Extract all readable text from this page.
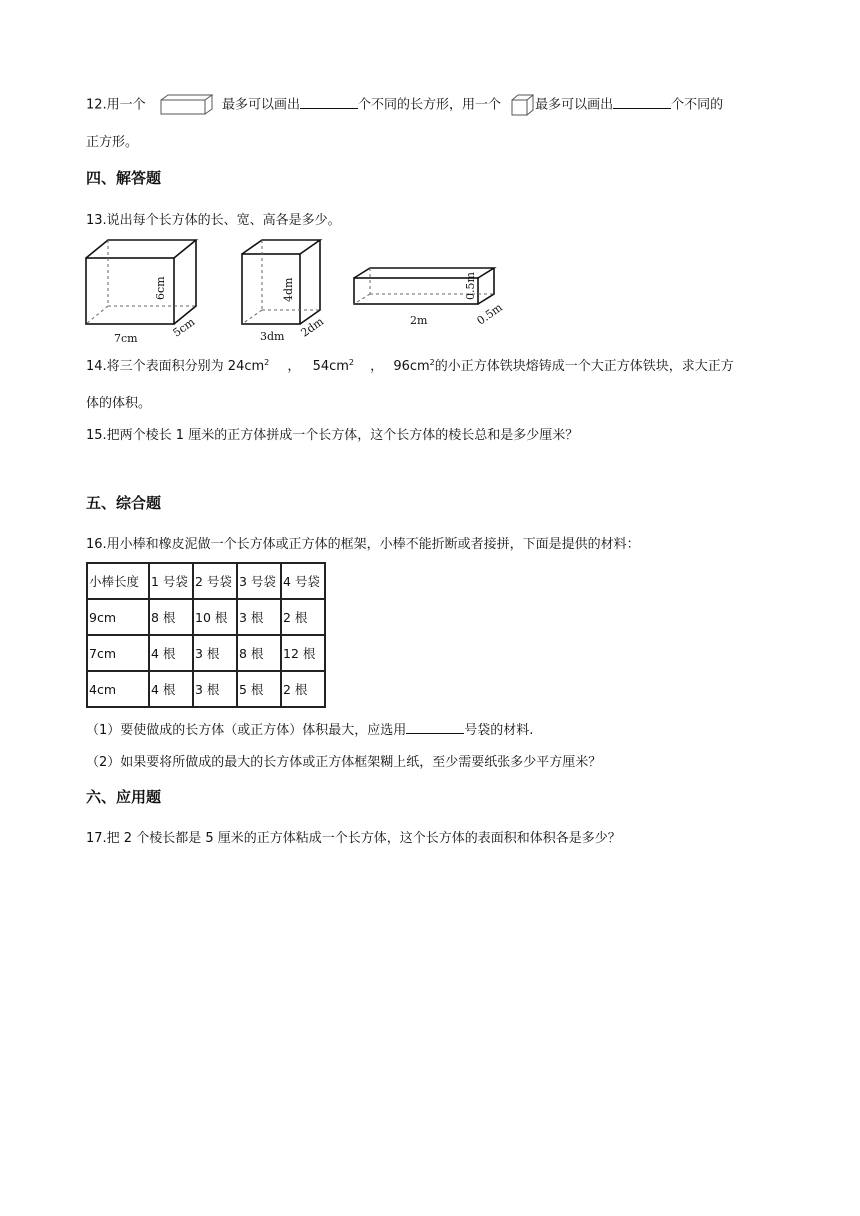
12.用一个	最多可以画出	个不同的长方形，用一个	最多可以画出	个不同的
正方形。
四、解答题
13.说出每个长方体的长、宽、高各是多少。
7cm	5cm
6cm
3dm 2dm
4dm
2m	0.5m
0.5m
14.将三个表面积分别为 $24cm^2$ ， $54cm^2$ ， $96cm^2$的小正方体铁块熔铸成一个大正方体铁块，求大正方
体的体积。
15.把两个棱长 1 厘米的正方体拼成一个长方体，这个长方体的棱长总和是多少厘米？
五、综合题
16.用小棒和橡皮泥做一个长方体或正方体的框架，小棒不能折断或者接拼，下面是提供的材料：
小棒长度	1 号袋	2 号袋	3 号袋	4 号袋
9cm	8 根	10 根	3 根	2 根
7cm	4 根	3 根	8 根	12 根
4cm	4 根	3 根	5 根	2 根
（1）要使做成的长方体（或正方体）体积最大，应选用	号袋的材料.
（2）如果要将所做成的最大的长方体或正方体框架糊上纸，至少需要纸张多少平方厘米？
六、应用题
17.把 2 个棱长都是 5 厘米的正方体粘成一个长方体，这个长方体的表面积和体积各是多少？
